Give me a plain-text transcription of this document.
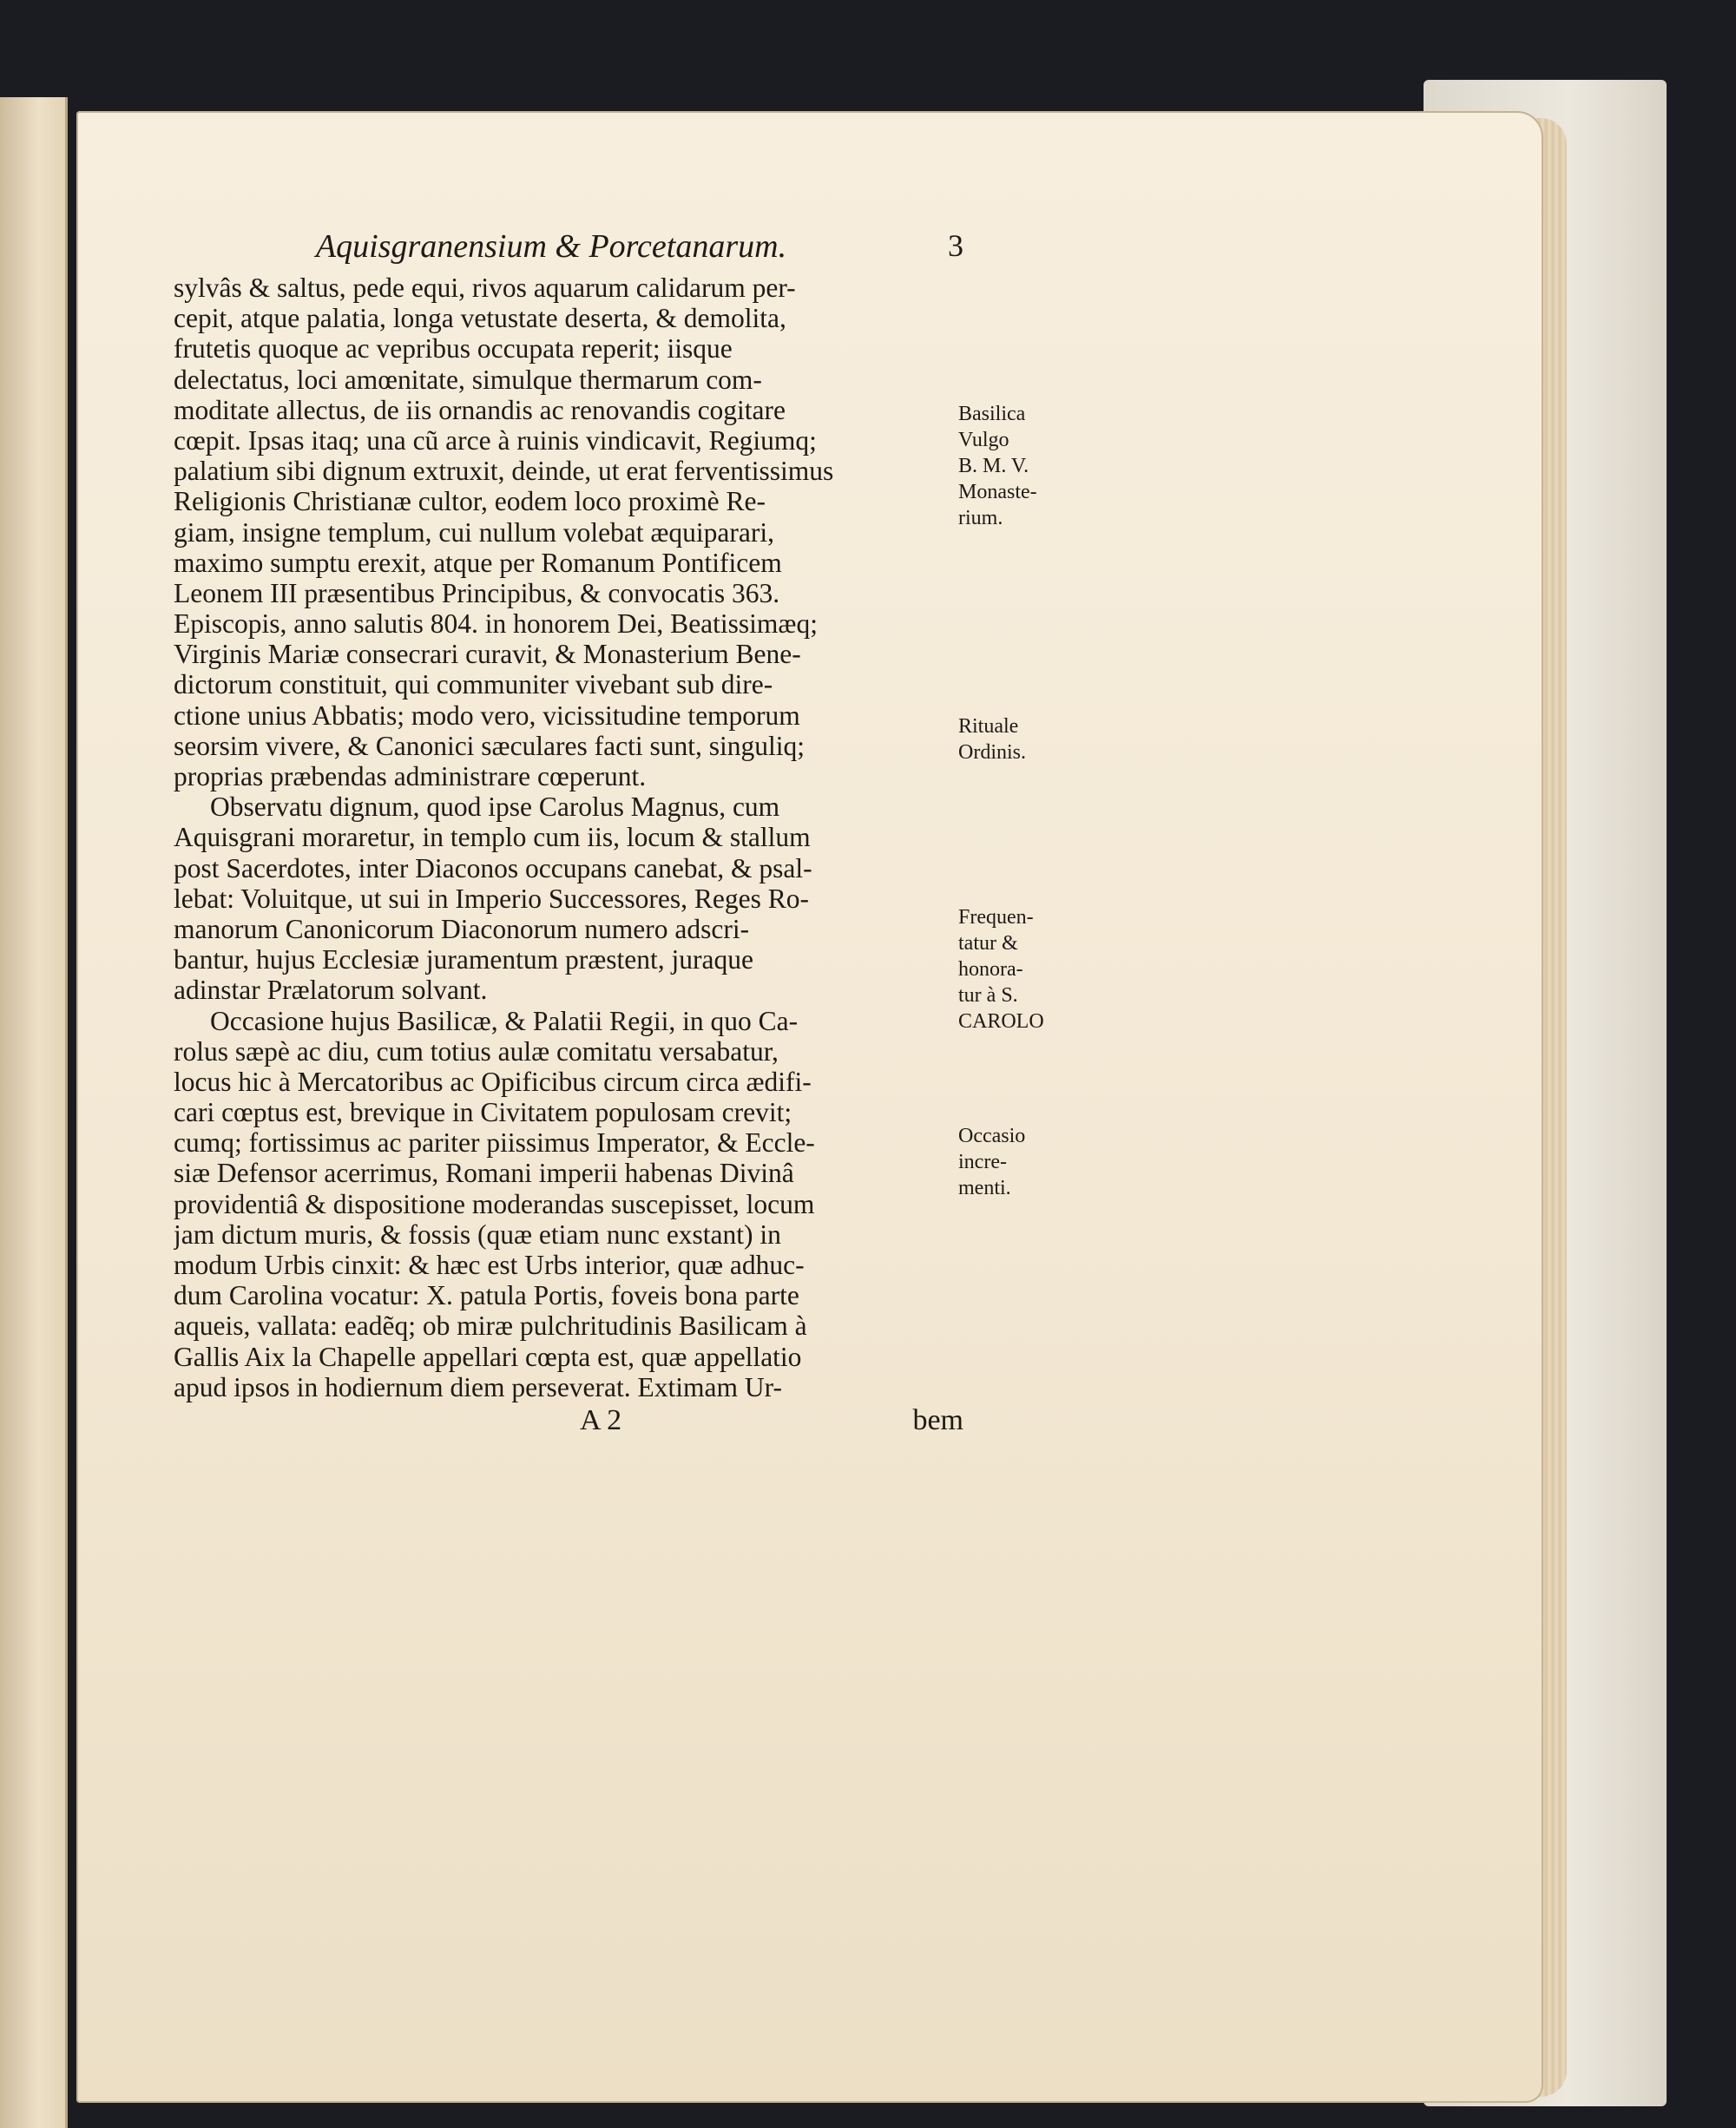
Aquisgranensium & Porcetanarum.	3
sylvâs & saltus, pede equi, rivos aquarum calidarum per-
cepit, atque palatia, longa vetustate deserta, & demolita,
frutetis quoque ac vepribus occupata reperit; iisque
delectatus, loci amœnitate, simulque thermarum com-
moditate allectus, de iis ornandis ac renovandis cogitare
cœpit. Ipsas itaq; una cũ arce à ruinis vindicavit, Regiumq;
palatium sibi dignum extruxit, deinde, ut erat ferventissimus
Religionis Christianæ cultor, eodem loco proximè Re-
giam, insigne templum, cui nullum volebat æquiparari,
maximo sumptu erexit, atque per Romanum Pontificem
Leonem III præsentibus Principibus, & convocatis 363.
Episcopis, anno salutis 804. in honorem Dei, Beatissimæq;
Virginis Mariæ consecrari curavit, & Monasterium Bene-
dictorum constituit, qui communiter vivebant sub dire-
ctione unius Abbatis; modo vero, vicissitudine temporum
seorsim vivere, & Canonici sæculares facti sunt, singuliq;
proprias præbendas administrare cœperunt.
Observatu dignum, quod ipse Carolus Magnus, cum
Aquisgrani moraretur, in templo cum iis, locum & stallum
post Sacerdotes, inter Diaconos occupans canebat, & psal-
lebat: Voluitque, ut sui in Imperio Successores, Reges Ro-
manorum Canonicorum Diaconorum numero adscri-
bantur, hujus Ecclesiæ juramentum præstent, juraque
adinstar Prælatorum solvant.
Occasione hujus Basilicæ, & Palatii Regii, in quo Ca-
rolus sæpè ac diu, cum totius aulæ comitatu versabatur,
locus hic à Mercatoribus ac Opificibus circum circa ædifi-
cari cœptus est, brevique in Civitatem populosam crevit;
cumq; fortissimus ac pariter piissimus Imperator, & Eccle-
siæ Defensor acerrimus, Romani imperii habenas Divinâ
providentiâ & dispositione moderandas suscepisset, locum
jam dictum muris, & fossis (quæ etiam nunc exstant) in
modum Urbis cinxit: & hæc est Urbs interior, quæ adhuc-
dum Carolina vocatur: X. patula Portis, foveis bona parte
aqueis, vallata: eadẽq; ob miræ pulchritudinis Basilicam à
Gallis Aix la Chapelle appellari cœpta est, quæ appellatio
apud ipsos in hodiernum diem perseverat. Extimam Ur-
A 2	bem
Basilica
Vulgo
B. M. V.
Monaste-
rium.
Rituale
Ordinis.
Frequen-
tatur &
honora-
tur à S.
CAROLO
Occasio
incre-
menti.
